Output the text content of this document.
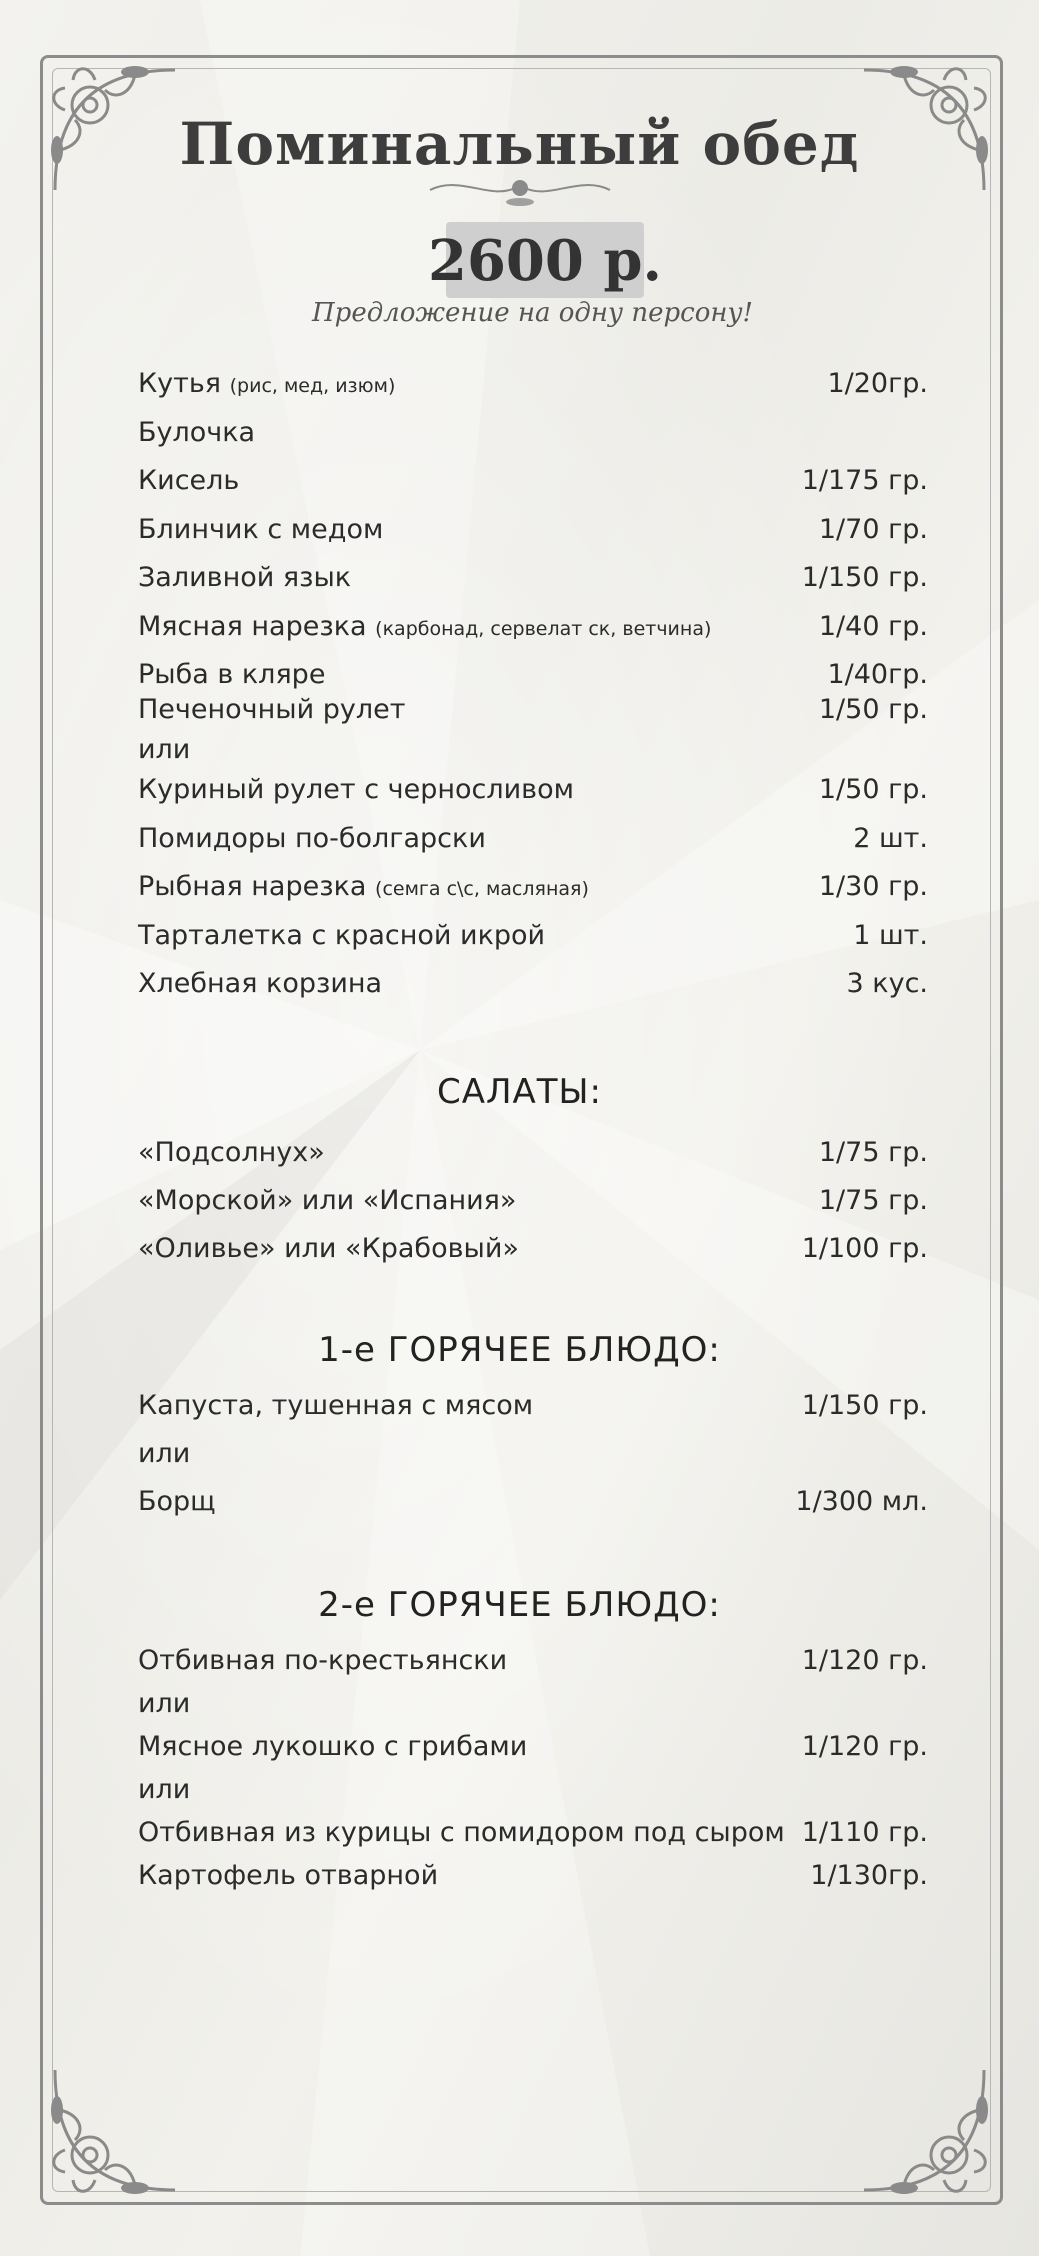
Поминальный обед
2600 р.
Предложение на одну персону!
Кутья (рис, мед, изюм)	1/20гр.
Булочка
Кисель	1/175 гр.
Блинчик с медом	1/70 гр.
Заливной язык	1/150 гр.
Мясная нарезка (карбонад, сервелат ск, ветчина)	1/40 гр.
Рыба в кляре	1/40гр.
Печеночный рулет	1/50 гр.
или
Куриный рулет с черносливом	1/50 гр.
Помидоры по-болгарски	2 шт.
Рыбная нарезка (семга с\с, масляная)	1/30 гр.
Тарталетка с красной икрой	1 шт.
Хлебная корзина	3 кус.
САЛАТЫ:
«Подсолнух»	1/75 гр.
«Морской» или «Испания»	1/75 гр.
«Оливье» или «Крабовый»	1/100 гр.
1-е ГОРЯЧЕЕ БЛЮДО:
Капуста, тушенная с мясом	1/150 гр.
или
Борщ	1/300 мл.
2-е ГОРЯЧЕЕ БЛЮДО:
Отбивная по-крестьянски	1/120 гр.
или
Мясное лукошко с грибами	1/120 гр.
или
Отбивная из курицы с помидором под сыром 1/110 гр.
Картофель отварной	1/130гр.
